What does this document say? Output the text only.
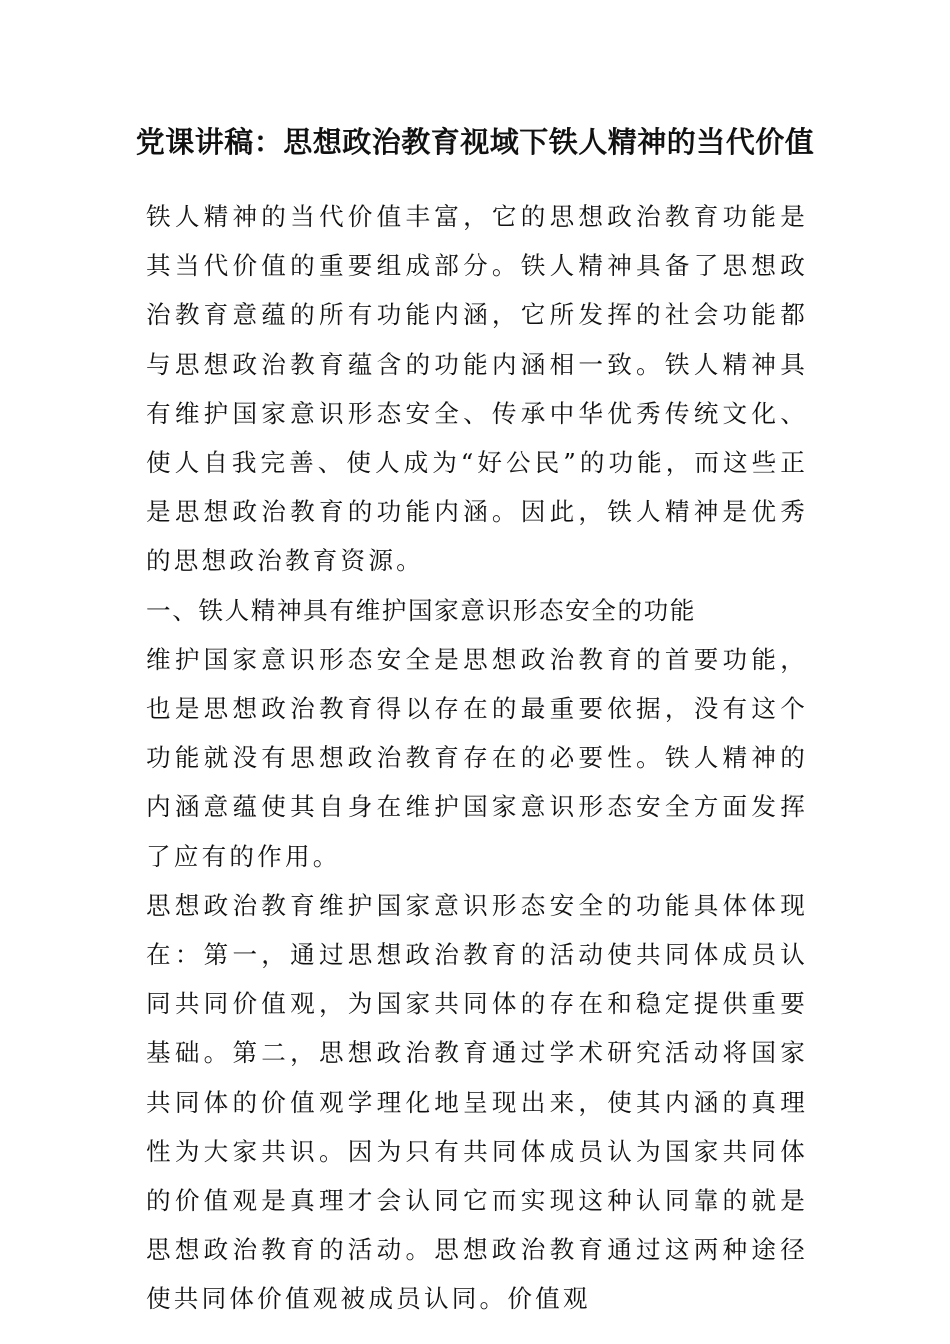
党课讲稿：思想政治教育视域下铁人精神的当代价值

铁人精神的当代价值丰富，它的思想政治教育功能是其当代价值的重要组成部分。铁人精神具备了思想政治教育意蕴的所有功能内涵，它所发挥的社会功能都与思想政治教育蕴含的功能内涵相一致。铁人精神具有维护国家意识形态安全、传承中华优秀传统文化、使人自我完善、使人成为“好公民”的功能，而这些正是思想政治教育的功能内涵。因此，铁人精神是优秀的思想政治教育资源。

一、铁人精神具有维护国家意识形态安全的功能

维护国家意识形态安全是思想政治教育的首要功能，也是思想政治教育得以存在的最重要依据，没有这个功能就没有思想政治教育存在的必要性。铁人精神的内涵意蕴使其自身在维护国家意识形态安全方面发挥了应有的作用。

思想政治教育维护国家意识形态安全的功能具体体现在：第一，通过思想政治教育的活动使共同体成员认同共同价值观，为国家共同体的存在和稳定提供重要基础。第二，思想政治教育通过学术研究活动将国家共同体的价值观学理化地呈现出来，使其内涵的真理性为大家共识。因为只有共同体成员认为国家共同体的价值观是真理才会认同它而实现这种认同靠的就是思想政治教育的活动。思想政治教育通过这两种途径使共同体价值观被成员认同。价值观
